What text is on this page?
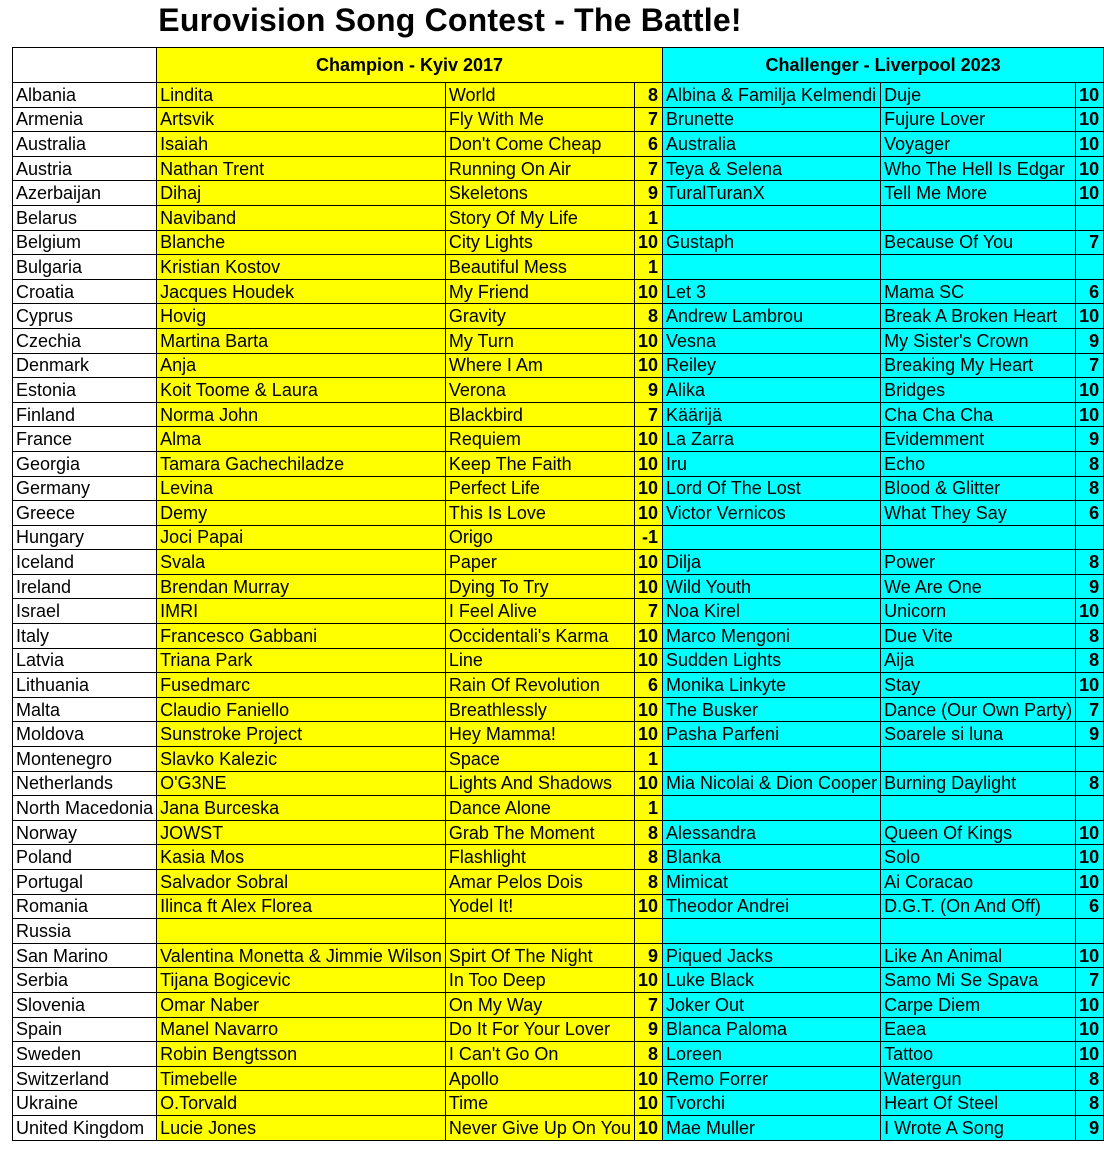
Eurovision Song Contest - The Battle!
	Champion - Kyiv 2017			Challenger - Liverpool 2023		
Albania	Lindita	World	8	Albina & Familja Kelmendi	Duje	10
Armenia	Artsvik	Fly With Me	7	Brunette	Fujure Lover	10
Australia	Isaiah	Don't Come Cheap	6	Australia	Voyager	10
Austria	Nathan Trent	Running On Air	7	Teya & Selena	Who The Hell Is Edgar	10
Azerbaijan	Dihaj	Skeletons	9	TuralTuranX	Tell Me More	10
Belarus	Naviband	Story Of My Life	1			
Belgium	Blanche	City Lights	10	Gustaph	Because Of You	7
Bulgaria	Kristian Kostov	Beautiful Mess	1			
Croatia	Jacques Houdek	My Friend	10	Let 3	Mama SC	6
Cyprus	Hovig	Gravity	8	Andrew Lambrou	Break A Broken Heart	10
Czechia	Martina Barta	My Turn	10	Vesna	My Sister's Crown	9
Denmark	Anja	Where I Am	10	Reiley	Breaking My Heart	7
Estonia	Koit Toome & Laura	Verona	9	Alika	Bridges	10
Finland	Norma John	Blackbird	7	Käärijä	Cha Cha Cha	10
France	Alma	Requiem	10	La Zarra	Evidemment	9
Georgia	Tamara Gachechiladze	Keep The Faith	10	Iru	Echo	8
Germany	Levina	Perfect Life	10	Lord Of The Lost	Blood & Glitter	8
Greece	Demy	This Is Love	10	Victor Vernicos	What They Say	6
Hungary	Joci Papai	Origo	-1			
Iceland	Svala	Paper	10	Dilja	Power	8
Ireland	Brendan Murray	Dying To Try	10	Wild Youth	We Are One	9
Israel	IMRI	I Feel Alive	7	Noa Kirel	Unicorn	10
Italy	Francesco Gabbani	Occidentali's Karma	10	Marco Mengoni	Due Vite	8
Latvia	Triana Park	Line	10	Sudden Lights	Aija	8
Lithuania	Fusedmarc	Rain Of Revolution	6	Monika Linkyte	Stay	10
Malta	Claudio Faniello	Breathlessly	10	The Busker	Dance (Our Own Party)	7
Moldova	Sunstroke Project	Hey Mamma!	10	Pasha Parfeni	Soarele si luna	9
Montenegro	Slavko Kalezic	Space	1			
Netherlands	O'G3NE	Lights And Shadows	10	Mia Nicolai & Dion Cooper	Burning Daylight	8
North Macedonia	Jana Burceska	Dance Alone	1			
Norway	JOWST	Grab The Moment	8	Alessandra	Queen Of Kings	10
Poland	Kasia Mos	Flashlight	8	Blanka	Solo	10
Portugal	Salvador Sobral	Amar Pelos Dois	8	Mimicat	Ai Coracao	10
Romania	Ilinca ft Alex Florea	Yodel It!	10	Theodor Andrei	D.G.T. (On And Off)	6
Russia						
San Marino	Valentina Monetta & Jimmie Wilson	Spirt Of The Night	9	Piqued Jacks	Like An Animal	10
Serbia	Tijana Bogicevic	In Too Deep	10	Luke Black	Samo Mi Se Spava	7
Slovenia	Omar Naber	On My Way	7	Joker Out	Carpe Diem	10
Spain	Manel Navarro	Do It For Your Lover	9	Blanca Paloma	Eaea	10
Sweden	Robin Bengtsson	I Can't Go On	8	Loreen	Tattoo	10
Switzerland	Timebelle	Apollo	10	Remo Forrer	Watergun	8
Ukraine	O.Torvald	Time	10	Tvorchi	Heart Of Steel	8
United Kingdom	Lucie Jones	Never Give Up On You	10	Mae Muller	I Wrote A Song	9
